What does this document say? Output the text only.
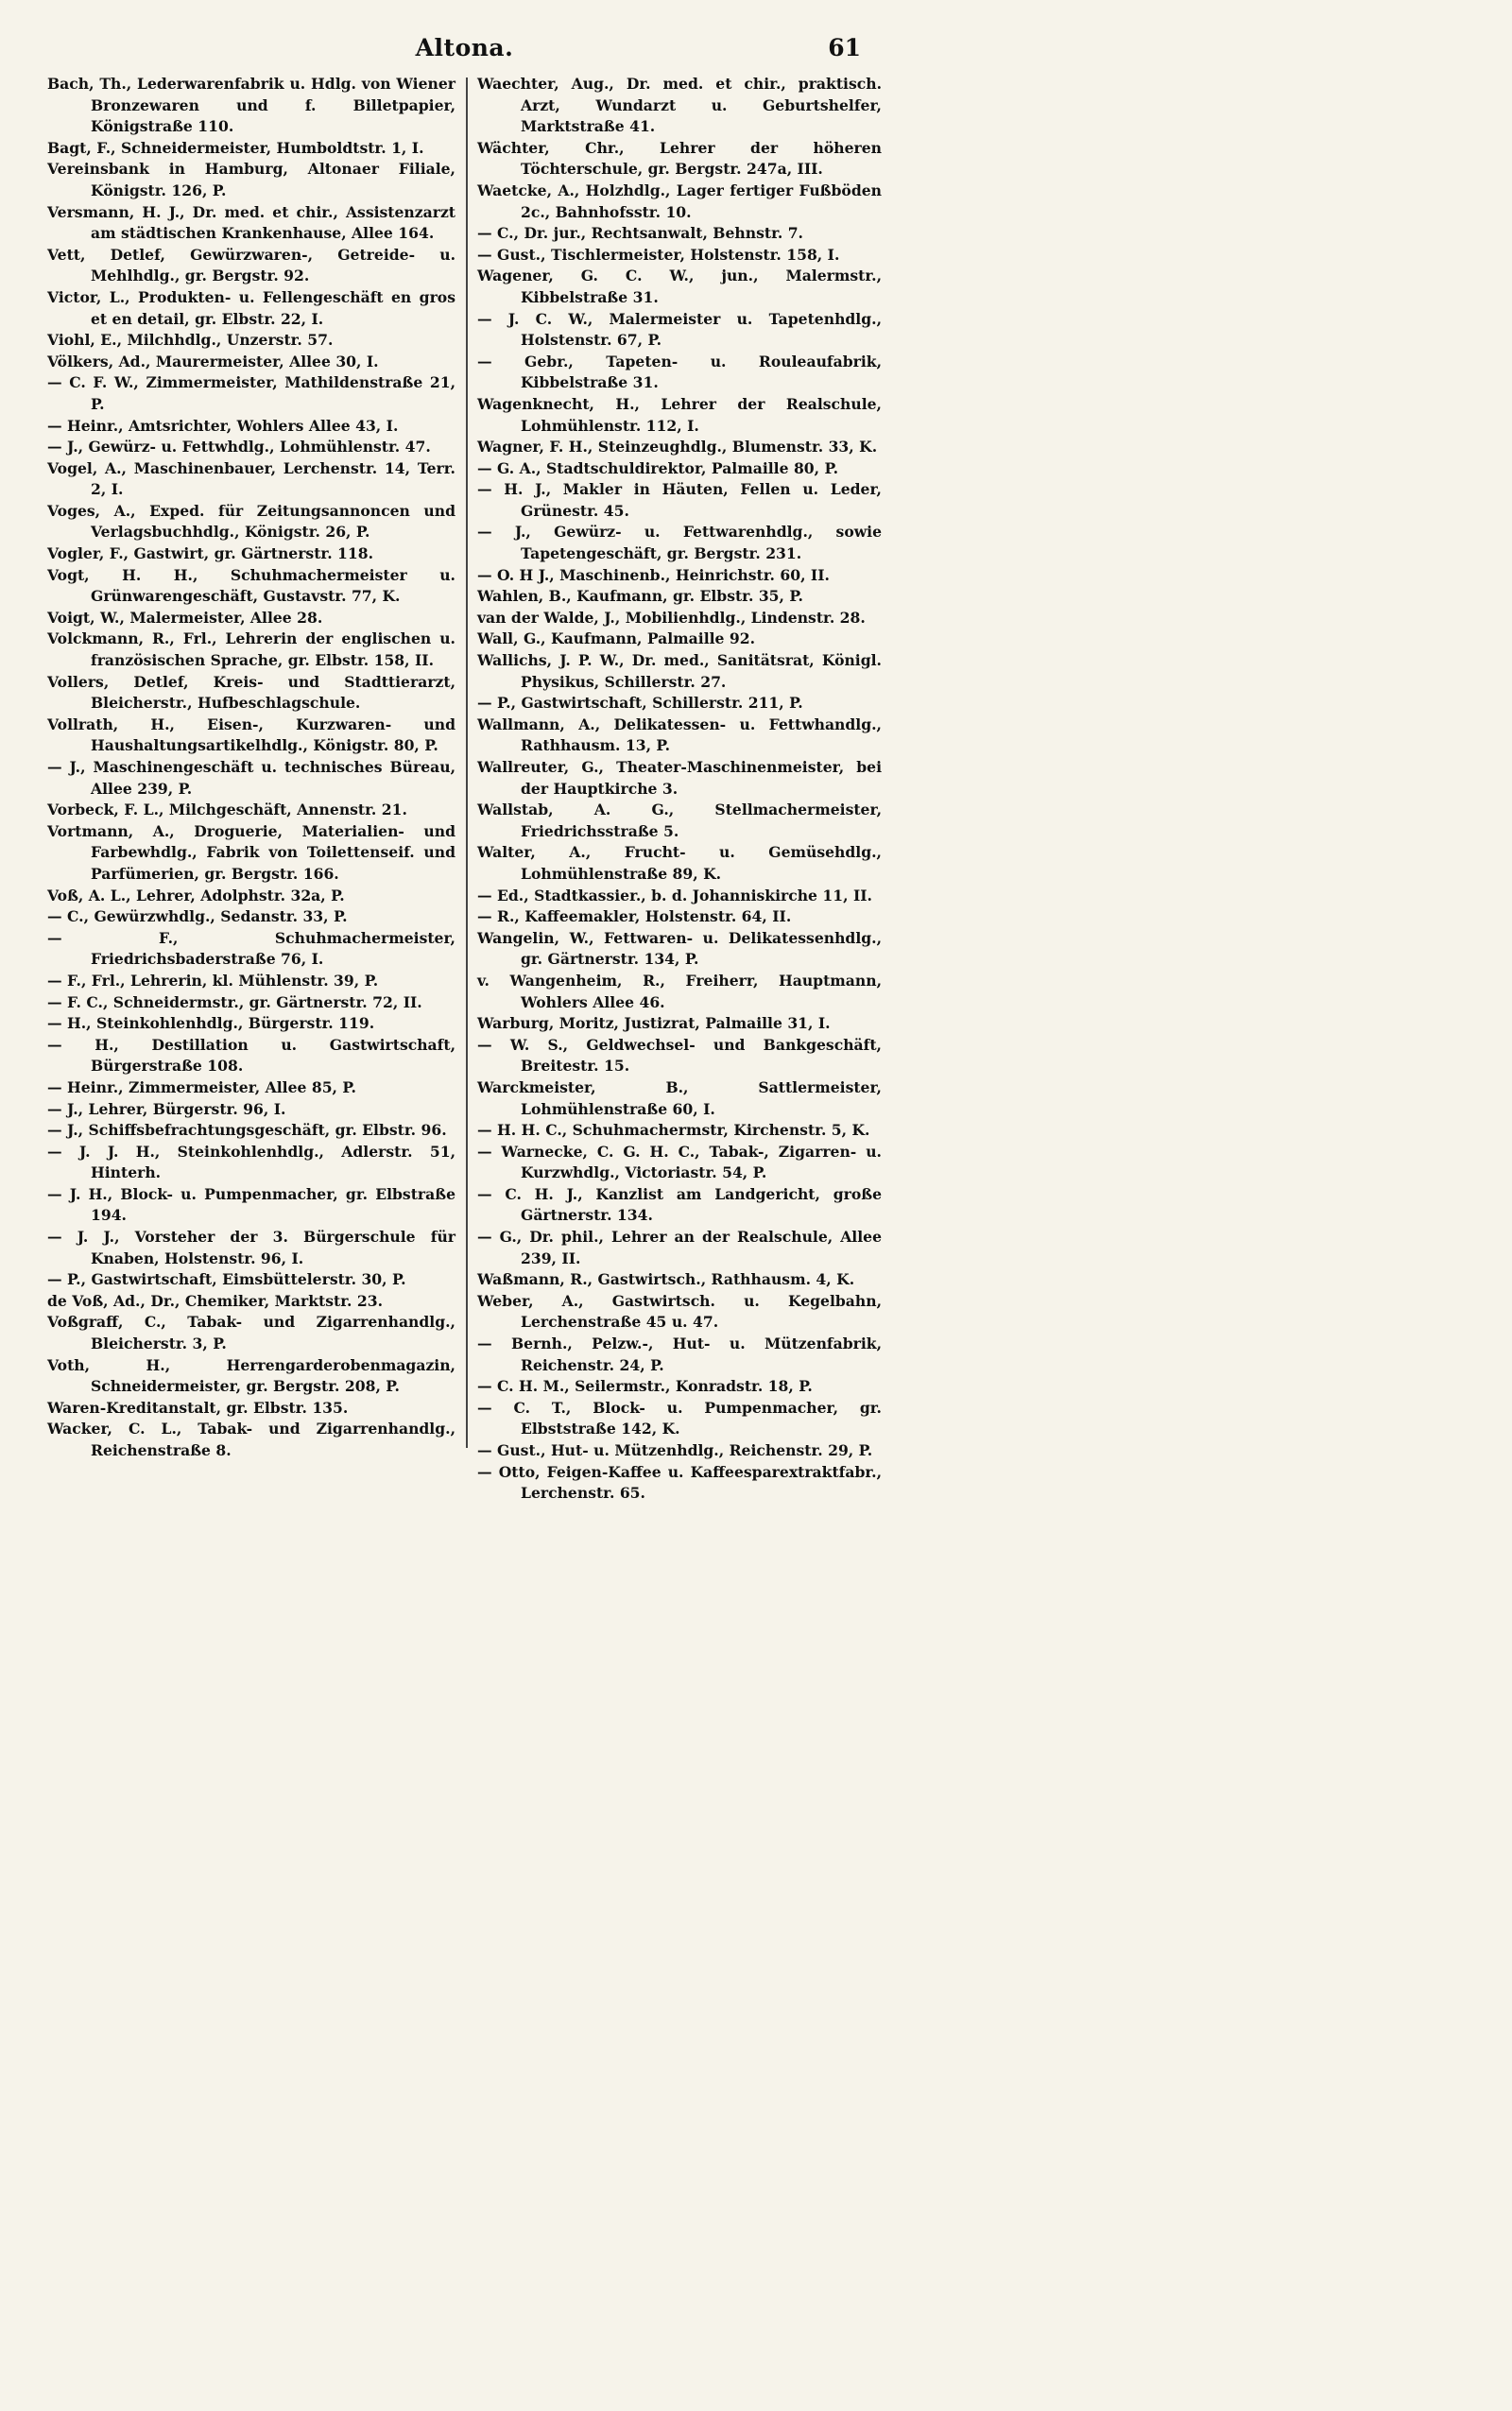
Altona.	61
Bach, Th., Lederwarenfabrik u. Hdlg. von Wiener Bronzewaren und f. Billetpapier, Königstraße 110.
Bagt, F., Schneidermeister, Humboldtstr. 1, I.
Vereinsbank in Hamburg, Altonaer Filiale, Königstr. 126, P.
Versmann, H. J., Dr. med. et chir., Assistenzarzt am städtischen Krankenhause, Allee 164.
Vett, Detlef, Gewürzwaren-, Getreide- u. Mehlhdlg., gr. Bergstr. 92.
Victor, L., Produkten- u. Fellengeschäft en gros et en detail, gr. Elbstr. 22, I.
Viohl, E., Milchhdlg., Unzerstr. 57.
Völkers, Ad., Maurermeister, Allee 30, I.
— C. F. W., Zimmermeister, Mathildenstraße 21, P.
— Heinr., Amtsrichter, Wohlers Allee 43, I.
— J., Gewürz- u. Fettwhdlg., Lohmühlenstr. 47.
Vogel, A., Maschinenbauer, Lerchenstr. 14, Terr. 2, I.
Voges, A., Exped. für Zeitungsannoncen und Verlagsbuchhdlg., Königstr. 26, P.
Vogler, F., Gastwirt, gr. Gärtnerstr. 118.
Vogt, H. H., Schuhmachermeister u. Grünwarengeschäft, Gustavstr. 77, K.
Voigt, W., Malermeister, Allee 28.
Volckmann, R., Frl., Lehrerin der englischen u. französischen Sprache, gr. Elbstr. 158, II.
Vollers, Detlef, Kreis- und Stadttierarzt, Bleicherstr., Hufbeschlagschule.
Vollrath, H., Eisen-, Kurzwaren- und Haushaltungsartikelhdlg., Königstr. 80, P.
— J., Maschinengeschäft u. technisches Büreau, Allee 239, P.
Vorbeck, F. L., Milchgeschäft, Annenstr. 21.
Vortmann, A., Droguerie, Materialien- und Farbewhdlg., Fabrik von Toilettenseif. und Parfümerien, gr. Bergstr. 166.
Voß, A. L., Lehrer, Adolphstr. 32a, P.
— C., Gewürzwhdlg., Sedanstr. 33, P.
— F., Schuhmachermeister, Friedrichsbaderstraße 76, I.
— F., Frl., Lehrerin, kl. Mühlenstr. 39, P.
— F. C., Schneidermstr., gr. Gärtnerstr. 72, II.
— H., Steinkohlenhdlg., Bürgerstr. 119.
— H., Destillation u. Gastwirtschaft, Bürgerstraße 108.
— Heinr., Zimmermeister, Allee 85, P.
— J., Lehrer, Bürgerstr. 96, I.
— J., Schiffsbefrachtungsgeschäft, gr. Elbstr. 96.
— J. J. H., Steinkohlenhdlg., Adlerstr. 51, Hinterh.
— J. H., Block- u. Pumpenmacher, gr. Elbstraße 194.
— J. J., Vorsteher der 3. Bürgerschule für Knaben, Holstenstr. 96, I.
— P., Gastwirtschaft, Eimsbüttelerstr. 30, P.
de Voß, Ad., Dr., Chemiker, Marktstr. 23.
Voßgraff, C., Tabak- und Zigarrenhandlg., Bleicherstr. 3, P.
Voth, H., Herrengarderobenmagazin, Schneidermeister, gr. Bergstr. 208, P.
Waren-Kreditanstalt, gr. Elbstr. 135.
Wacker, C. L., Tabak- und Zigarrenhandlg., Reichenstraße 8.
Waechter, Aug., Dr. med. et chir., praktisch. Arzt, Wundarzt u. Geburtshelfer, Marktstraße 41.
Wächter, Chr., Lehrer der höheren Töchterschule, gr. Bergstr. 247a, III.
Waetcke, A., Holzhdlg., Lager fertiger Fußböden 2c., Bahnhofsstr. 10.
— C., Dr. jur., Rechtsanwalt, Behnstr. 7.
— Gust., Tischlermeister, Holstenstr. 158, I.
Wagener, G. C. W., jun., Malermstr., Kibbelstraße 31.
— J. C. W., Malermeister u. Tapetenhdlg., Holstenstr. 67, P.
— Gebr., Tapeten- u. Rouleaufabrik, Kibbelstraße 31.
Wagenknecht, H., Lehrer der Realschule, Lohmühlenstr. 112, I.
Wagner, F. H., Steinzeughdlg., Blumenstr. 33, K.
— G. A., Stadtschuldirektor, Palmaille 80, P.
— H. J., Makler in Häuten, Fellen u. Leder, Grünestr. 45.
— J., Gewürz- u. Fettwarenhdlg., sowie Tapetengeschäft, gr. Bergstr. 231.
— O. H J., Maschinenb., Heinrichstr. 60, II.
Wahlen, B., Kaufmann, gr. Elbstr. 35, P.
van der Walde, J., Mobilienhdlg., Lindenstr. 28.
Wall, G., Kaufmann, Palmaille 92.
Wallichs, J. P. W., Dr. med., Sanitätsrat, Königl. Physikus, Schillerstr. 27.
— P., Gastwirtschaft, Schillerstr. 211, P.
Wallmann, A., Delikatessen- u. Fettwhandlg., Rathhausm. 13, P.
Wallreuter, G., Theater-Maschinenmeister, bei der Hauptkirche 3.
Wallstab, A. G., Stellmachermeister, Friedrichsstraße 5.
Walter, A., Frucht- u. Gemüsehdlg., Lohmühlenstraße 89, K.
— Ed., Stadtkassier., b. d. Johanniskirche 11, II.
— R., Kaffeemakler, Holstenstr. 64, II.
Wangelin, W., Fettwaren- u. Delikatessenhdlg., gr. Gärtnerstr. 134, P.
v. Wangenheim, R., Freiherr, Hauptmann, Wohlers Allee 46.
Warburg, Moritz, Justizrat, Palmaille 31, I.
— W. S., Geldwechsel- und Bankgeschäft, Breitestr. 15.
Warckmeister, B., Sattlermeister, Lohmühlenstraße 60, I.
— H. H. C., Schuhmachermstr, Kirchenstr. 5, K.
— Warnecke, C. G. H. C., Tabak-, Zigarren- u. Kurzwhdlg., Victoriastr. 54, P.
— C. H. J., Kanzlist am Landgericht, große Gärtnerstr. 134.
— G., Dr. phil., Lehrer an der Realschule, Allee 239, II.
Waßmann, R., Gastwirtsch., Rathhausm. 4, K.
Weber, A., Gastwirtsch. u. Kegelbahn, Lerchenstraße 45 u. 47.
— Bernh., Pelzw.-, Hut- u. Mützenfabrik, Reichenstr. 24, P.
— C. H. M., Seilermstr., Konradstr. 18, P.
— C. T., Block- u. Pumpenmacher, gr. Elbststraße 142, K.
— Gust., Hut- u. Mützenhdlg., Reichenstr. 29, P.
— Otto, Feigen-Kaffee u. Kaffeesparextraktfabr., Lerchenstr. 65.
